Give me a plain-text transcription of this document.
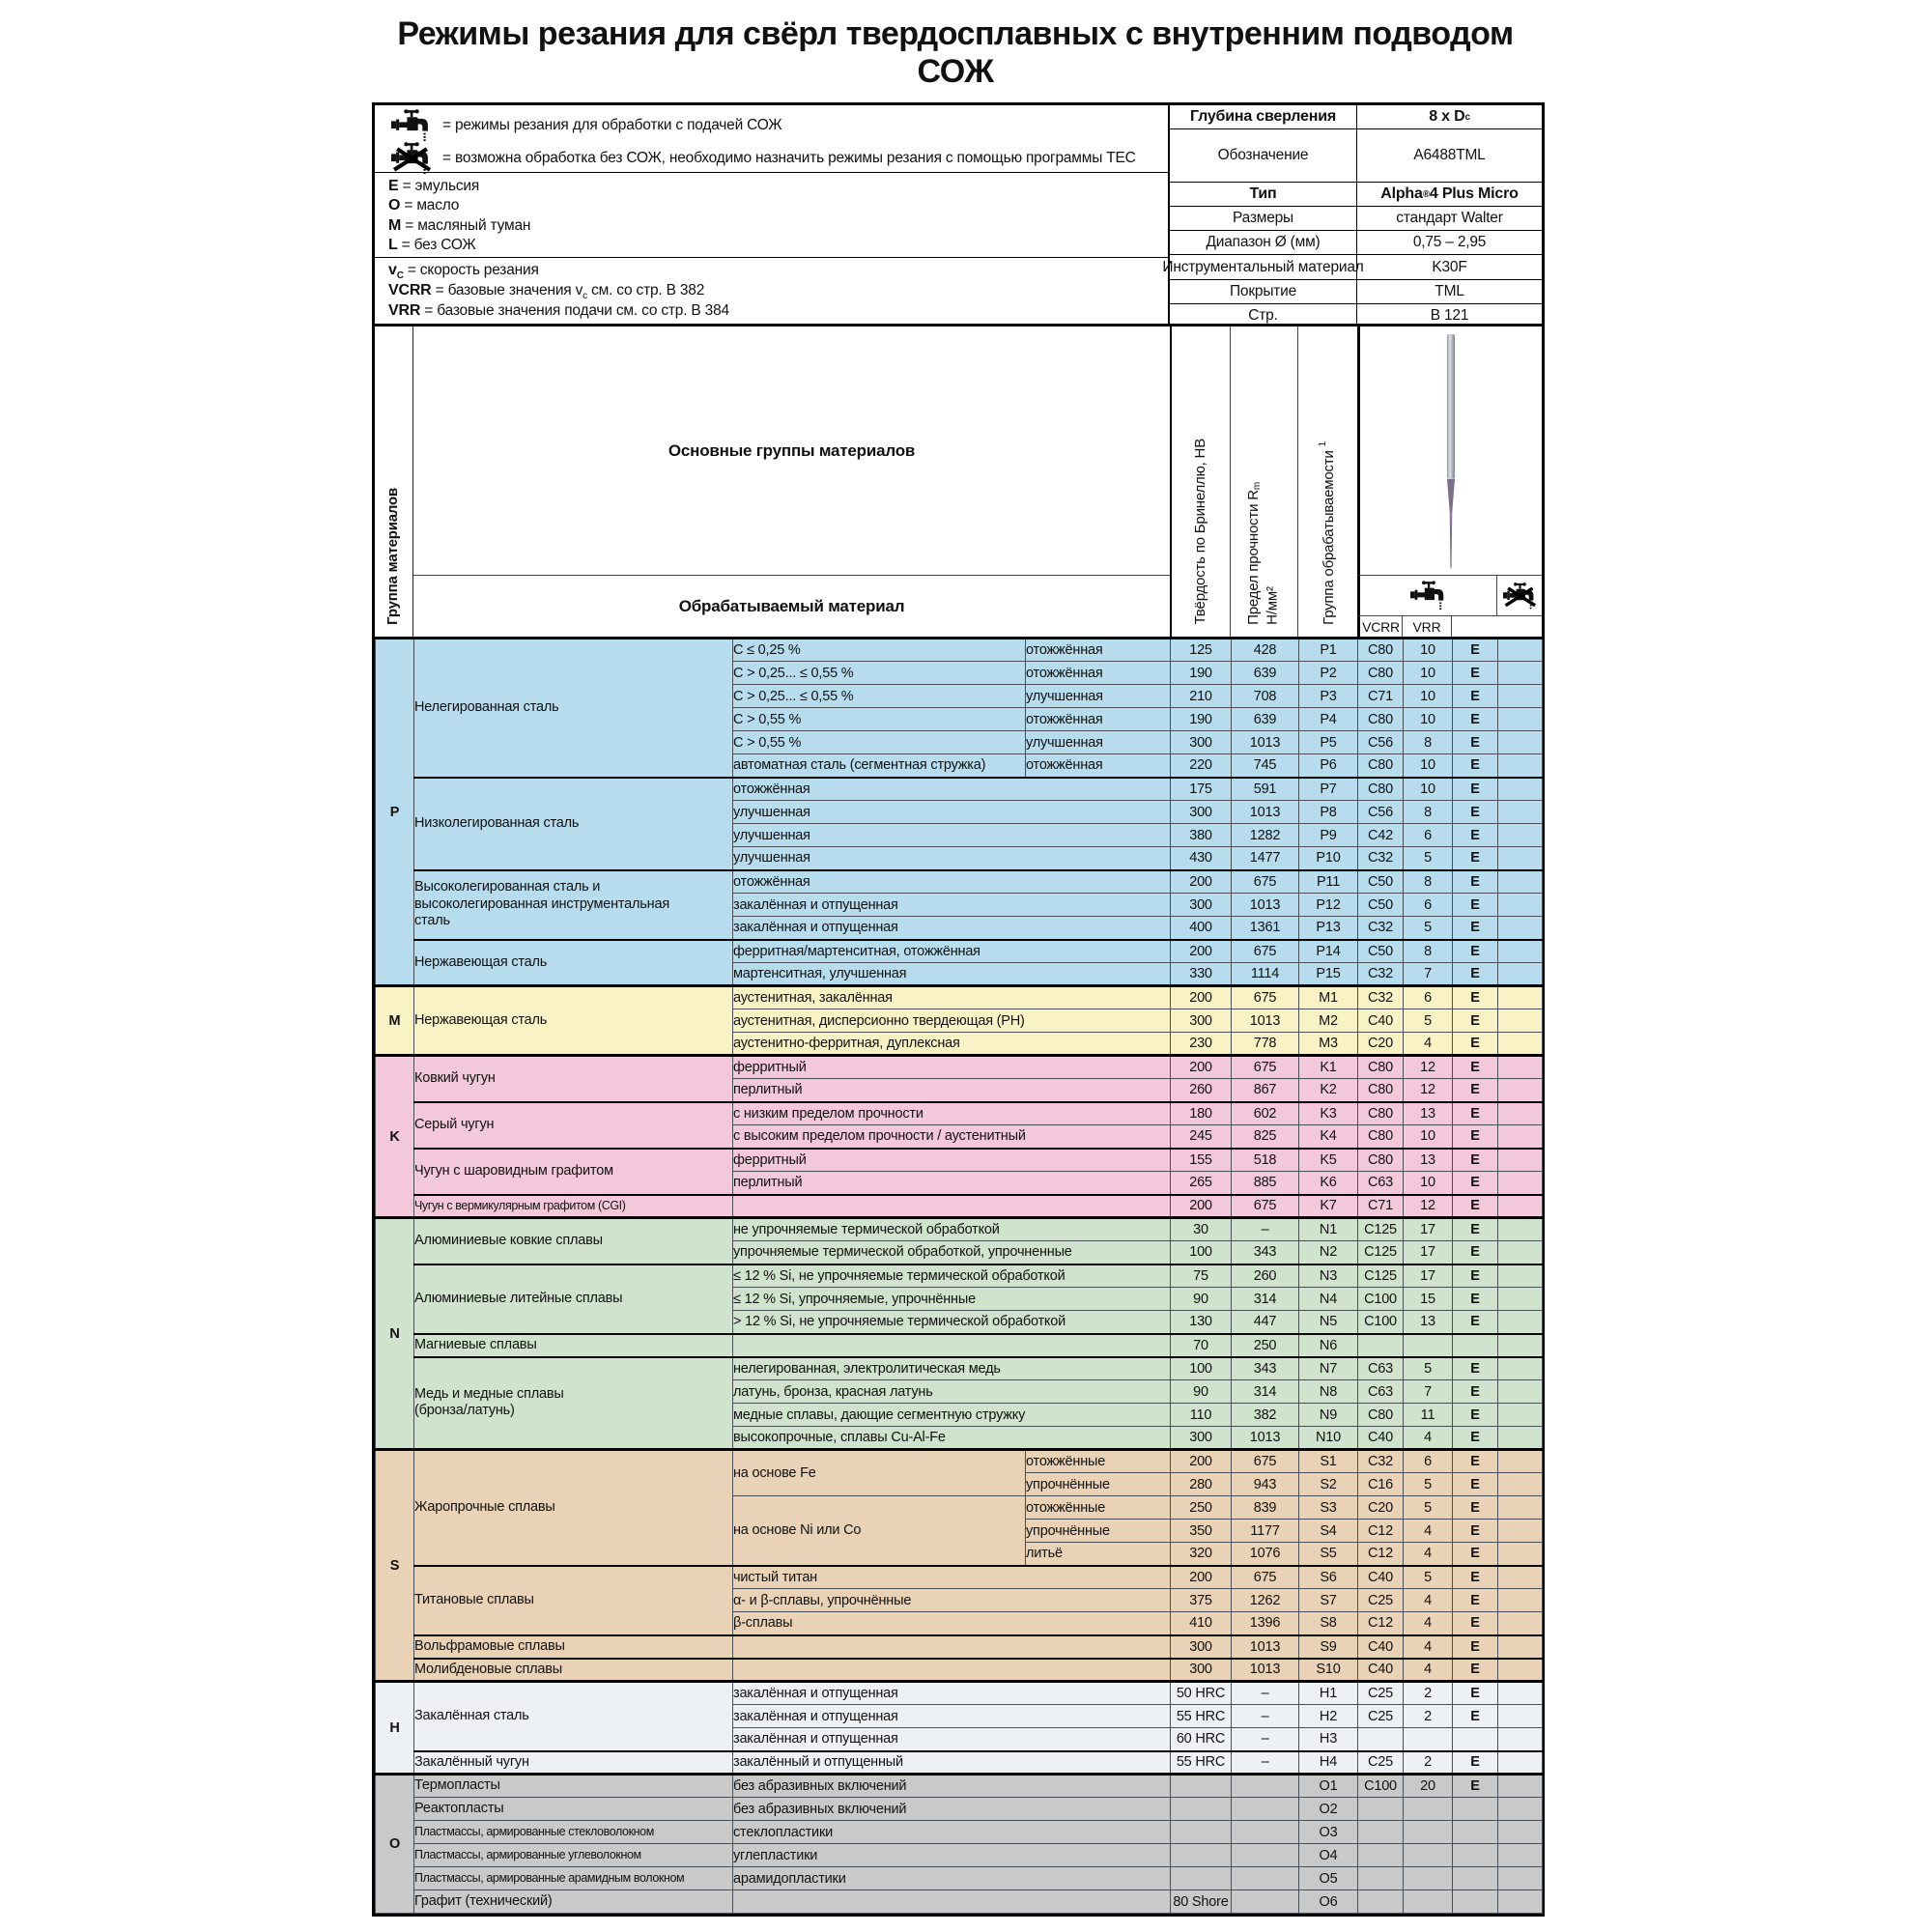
Режимы резания для свёрл твердосплавных с внутренним подводом СОЖ
= режимы резания для обработки с подачей СОЖ
= возможна обработка без СОЖ, необходимо назначить режимы резания с помощью программы TEC
E = эмульсия
O = масло
M = масляный туман
L = без СОЖ
$v_C$ = скорость резания
VCRR = базовые значения $v_c$ см. со стр. B 382
VRR = базовые значения подачи см. со стр. B 384
Глубина сверления	8 x D c
Обозначение	A6488TML
Тип	Alpha ® 4 Plus Micro
Размеры	стандарт Walter
Диапазон Ø (мм)	0,75 – 2,95
Инструментальный материал	K30F
Покрытие	TML
Стр.	B 121
Группа материалов
Основные группы материалов
Обрабатываемый материал	Твёрдость по Бринеллю, HB	Предел прочности $R_m$
Н/мм²	Группа обрабатываемости $^1$
VCRR VRR
P	Нелегированная сталь	C ≤ 0,25 %	отожжённая	125	428	P1	C80	10	E	
		C > 0,25... ≤ 0,55 %	отожжённая	190	639	P2	C80	10	E	
		C > 0,25... ≤ 0,55 %	улучшенная	210	708	P3	C71	10	E	
		C > 0,55 %	отожжённая	190	639	P4	C80	10	E	
		C > 0,55 %	улучшенная	300	1013	P5	C56	8	E	
		автоматная сталь (сегментная стружка)	отожжённая	220	745	P6	C80	10	E	
	Низколегированная сталь	отожжённая		175	591	P7	C80	10	E	
		улучшенная		300	1013	P8	C56	8	E	
		улучшенная		380	1282	P9	C42	6	E	
		улучшенная		430	1477	P10	C32	5	E	
	Высоколегированная сталь и
высоколегированная инструментальная
сталь	отожжённая		200	675	P11	C50	8	E	
		закалённая и отпущенная		300	1013	P12	C50	6	E	
		закалённая и отпущенная		400	1361	P13	C32	5	E	
	Нержавеющая сталь	ферритная/мартенситная, отожжённая		200	675	P14	C50	8	E	
		мартенситная, улучшенная		330	1114	P15	C32	7	E	
M	Нержавеющая сталь	аустенитная, закалённая		200	675	M1	C32	6	E	
		аустенитная, дисперсионно твердеющая (PH)		300	1013	M2	C40	5	E	
		аустенитно-ферритная, дуплексная		230	778	M3	C20	4	E	
K	Ковкий чугун	ферритный		200	675	K1	C80	12	E	
		перлитный		260	867	K2	C80	12	E	
	Серый чугун	с низким пределом прочности		180	602	K3	C80	13	E	
		с высоким пределом прочности / аустенитный		245	825	K4	C80	10	E	
	Чугун с шаровидным графитом	ферритный		155	518	K5	C80	13	E	
		перлитный		265	885	K6	C63	10	E	
	Чугун с вермикулярным графитом (CGI)			200	675	K7	C71	12	E	
N	Алюминиевые ковкие сплавы	не упрочняемые термической обработкой		30	–	N1	C125	17	E	
		упрочняемые термической обработкой, упрочненные		100	343	N2	C125	17	E	
	Алюминиевые литейные сплавы	≤ 12 % Si, не упрочняемые термической обработкой		75	260	N3	C125	17	E	
		≤ 12 % Si, упрочняемые, упрочнённые		90	314	N4	C100	15	E	
		> 12 % Si, не упрочняемые термической обработкой		130	447	N5	C100	13	E	
	Магниевые сплавы			70	250	N6				
	Медь и медные сплавы
(бронза/латунь)	нелегированная, электролитическая медь		100	343	N7	C63	5	E	
		латунь, бронза, красная латунь		90	314	N8	C63	7	E	
		медные сплавы, дающие сегментную стружку		110	382	N9	C80	11	E	
		высокопрочные, сплавы Cu-Al-Fe		300	1013	N10	C40	4	E	
S	Жаропрочные сплавы	на основе Fe	отожжённые	200	675	S1	C32	6	E	
			упрочнённые	280	943	S2	C16	5	E	
		на основе Ni или Co	отожжённые	250	839	S3	C20	5	E	
			упрочнённые	350	1177	S4	C12	4	E	
			литьё	320	1076	S5	C12	4	E	
	Титановые сплавы	чистый титан		200	675	S6	C40	5	E	
		α- и β-сплавы, упрочнённые		375	1262	S7	C25	4	E	
		β-сплавы		410	1396	S8	C12	4	E	
	Вольфрамовые сплавы			300	1013	S9	C40	4	E	
	Молибденовые сплавы			300	1013	S10	C40	4	E	
H	Закалённая сталь	закалённая и отпущенная		50 HRC	–	H1	C25	2	E	
		закалённая и отпущенная		55 HRC	–	H2	C25	2	E	
		закалённая и отпущенная		60 HRC	–	H3				
	Закалённый чугун	закалённый и отпущенный		55 HRC	–	H4	C25	2	E	
O	Термопласты	без абразивных включений				O1	C100	20	E	
	Реактопласты	без абразивных включений				O2				
	Пластмассы, армированные стекловолокном	стеклопластики				O3				
	Пластмассы, армированные углеволокном	углепластики				O4				
	Пластмассы, армированные арамидным волокном	арамидопластики				O5				
	Графит (технический)			80 Shore		O6				
